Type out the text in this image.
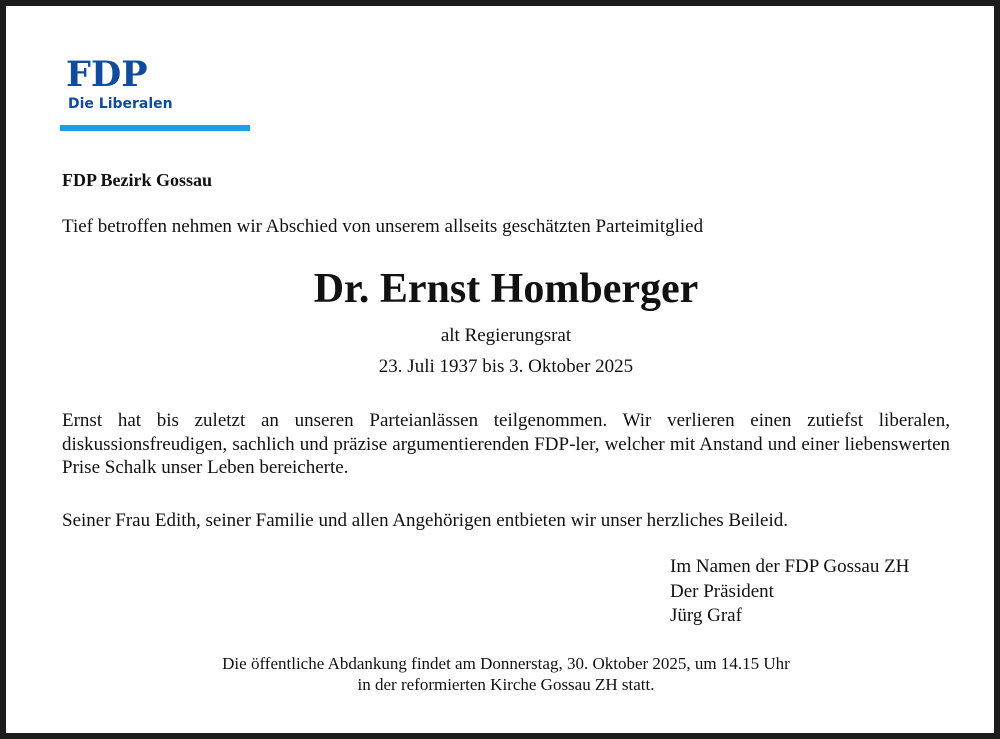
FDP
Die Liberalen
FDP Bezirk Gossau
Tief betroffen nehmen wir Abschied von unserem allseits geschätzten Parteimitglied
Dr. Ernst Homberger
alt Regierungsrat
23. Juli 1937 bis 3. Oktober 2025
Ernst hat bis zuletzt an unseren Parteianlässen teilgenommen. Wir verlieren einen zutiefst liberalen, diskussionsfreudigen, sachlich und präzise argumentierenden FDP-ler, welcher mit Anstand und einer liebenswerten Prise Schalk unser Leben bereicherte.
Seiner Frau Edith, seiner Familie und allen Angehörigen entbieten wir unser herzliches Beileid.
Im Namen der FDP Gossau ZH
Der Präsident
Jürg Graf
Die öffentliche Abdankung findet am Donnerstag, 30. Oktober 2025, um 14.15 Uhr
in der reformierten Kirche Gossau ZH statt.
